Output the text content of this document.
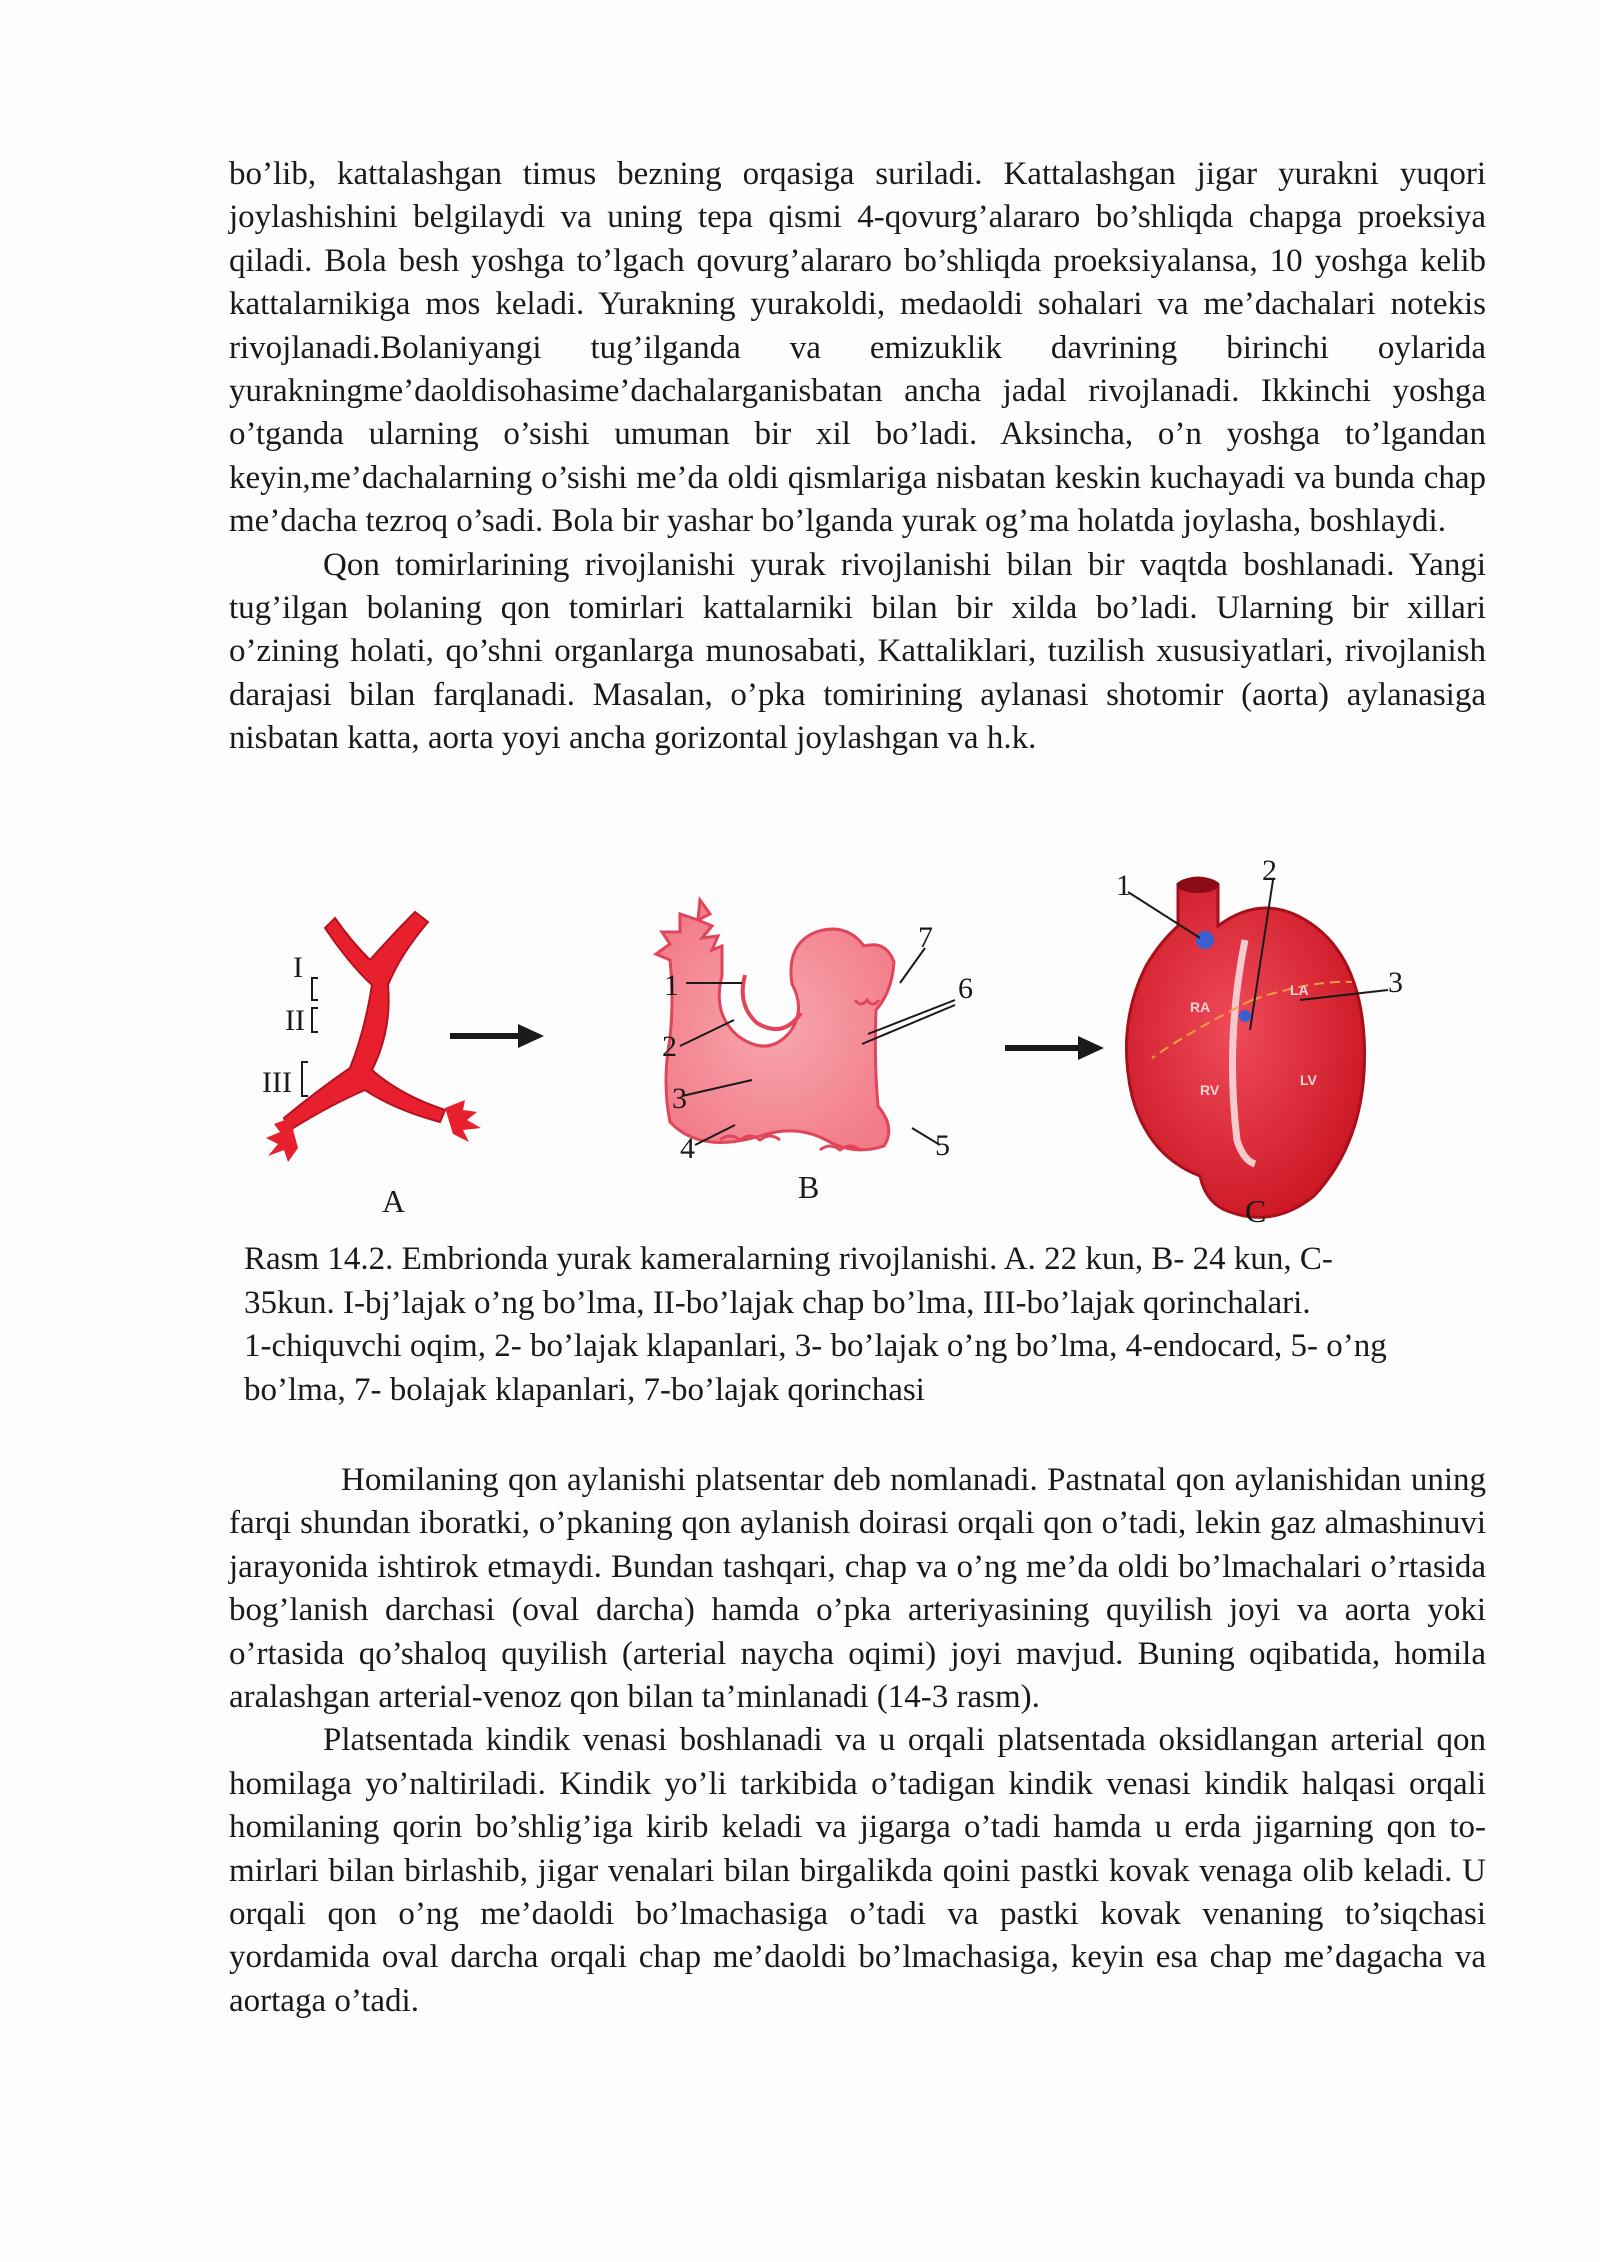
bo’lib, kattalashgan timus bezning orqasiga suriladi. Kattalashgan jigar yurakni yuqori joylashishini belgilaydi va uning tepa qismi 4-qovurg’alararo bo’shliqda chapga proeksiya qiladi. Bola besh yoshga to’lgach qovurg’alararo bo’shliqda proeksiyalansa, 10 yoshga kelib kattalarnikiga mos keladi. Yurakning yurakoldi, medaoldi sohalari va me’dachalari notekis rivojlanadi.Bolaniyangi tug’ilganda va emizuklik davrining birinchi oylarida yurakningme’daoldisohasime’dachalarganisbatan ancha jadal rivojlanadi. Ikkinchi yoshga o’tganda ularning o’sishi umuman bir xil bo’ladi. Aksincha, o’n yoshga to’lgandan keyin,me’dachalarning o’sishi me’da oldi qismlariga nisbatan keskin kuchayadi va bunda chap me’dacha tezroq o’sadi. Bola bir yashar bo’lganda yurak og’ma holatda joylasha, boshlaydi.

Qon tomirlarining rivojlanishi yurak rivojlanishi bilan bir vaqtda boshlanadi. Yangi tug’ilgan bolaning qon tomirlari kattalarniki bilan bir xilda bo’ladi. Ularning bir xillari o’zining holati, qo’shni organlarga munosabati, Kattaliklari, tuzilish xususiyatlari, rivojlanish darajasi bilan farqlanadi. Masalan, o’pka tomirining aylanasi shotomir (aorta) aylanasiga nisbatan katta, aorta yoyi ancha gorizontal joylashgan va h.k.

I
II
III
A
1
2
3
4	5
6
7
B
1	2
3
RA
LA
RV
LV
C

Rasm 14.2. Embrionda yurak kameralarning rivojlanishi. A. 22 kun, B- 24 kun, C-

35kun. I-bj’lajak o’ng bo’lma, II-bo’lajak chap bo’lma, III-bo’lajak qorinchalari.

1-chiquvchi oqim, 2- bo’lajak klapanlari, 3- bo’lajak o’ng bo’lma, 4-endocard, 5- o’ng

bo’lma, 7- bolajak klapanlari, 7-bo’lajak qorinchasi

Homilaning qon aylanishi platsentar deb nomlanadi. Pastnatal qon aylanishidan uning farqi shundan iboratki, o’pkaning qon aylanish doirasi orqali qon o’tadi, lekin gaz almashinuvi jarayonida ishtirok etmaydi. Bundan tashqari, chap va o’ng me’da oldi bo’lmachalari o’rtasida bog’lanish darchasi (oval darcha) hamda o’pka arteriyasining quyilish joyi va aorta yoki o’rtasida qo’shaloq quyilish (arterial naycha oqimi) joyi mavjud. Buning oqibatida, homila aralashgan arterial-venoz qon bilan ta’minlanadi (14-3 rasm).

Platsentada kindik venasi boshlanadi va u orqali platsentada oksidlangan arterial qon homilaga yo’naltiriladi. Kindik yo’li tarkibida o’tadigan kindik venasi kindik halqasi orqali homilaning qorin bo’shlig’iga kirib keladi va jigarga o’tadi hamda u erda jigarning qon to- mirlari bilan birlashib, jigar venalari bilan birgalikda qoini pastki kovak venaga olib keladi. U orqali qon o’ng me’daoldi bo’lmachasiga o’tadi va pastki kovak venaning to’siqchasi yordamida oval darcha orqali chap me’daoldi bo’lmachasiga, keyin esa chap me’dagacha va aortaga o’tadi.
